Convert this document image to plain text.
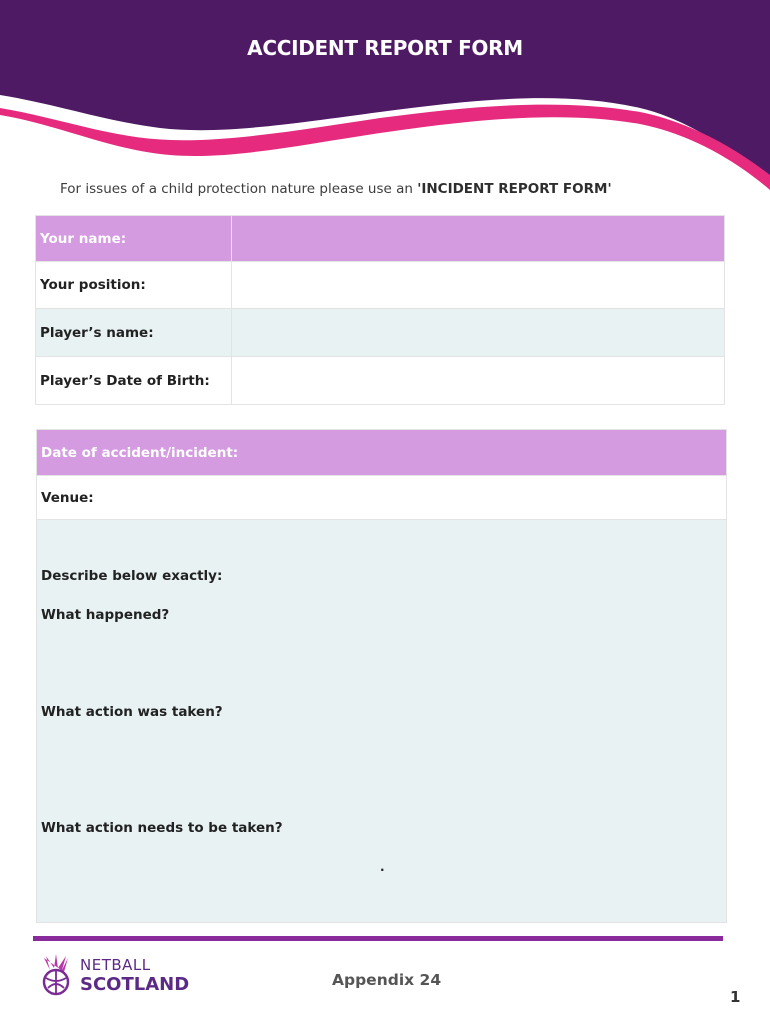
ACCIDENT REPORT FORM
For issues of a child protection nature please use an 'INCIDENT REPORT FORM'
Your name:	
Your position:	
Player’s name:	
Player’s Date of Birth:	
Date of accident/incident:
Venue:

Describe below exactly:
What happened?
What action was taken?
What action needs to be taken?
.
NETBALL
SCOTLAND	Appendix 24
1
